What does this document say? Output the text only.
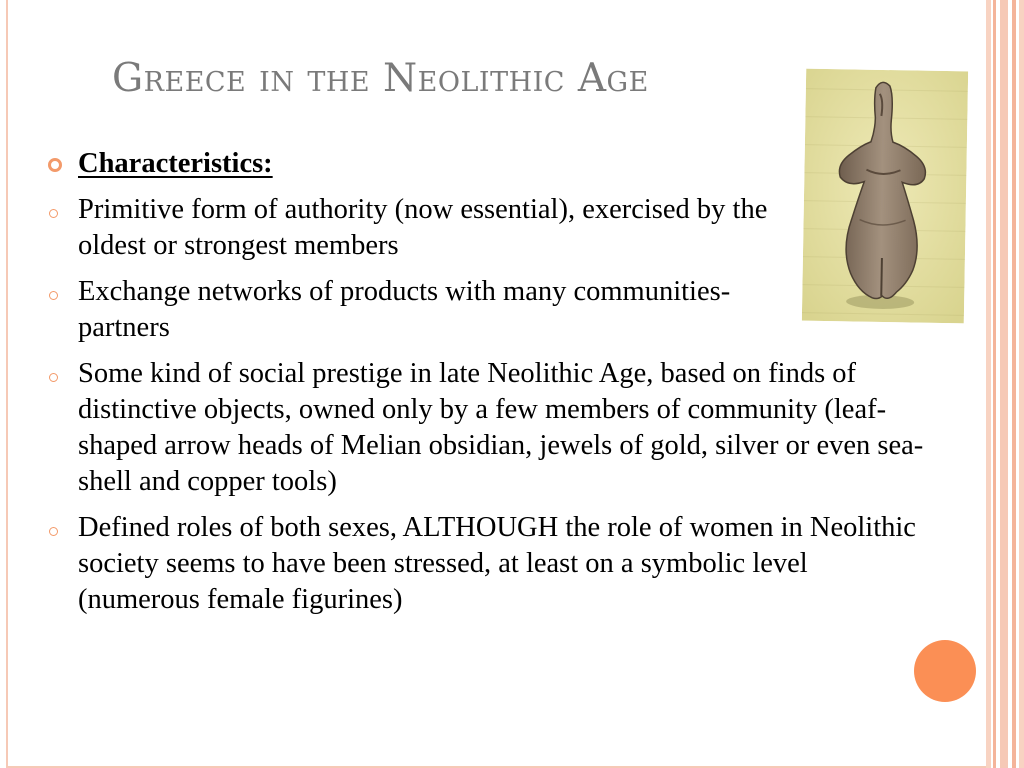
Greece in the Neolithic Age
Characteristics:
Primitive form of authority (now essential), exercised by the oldest or strongest members
Exchange networks of products with many communities-partners
Some kind of social prestige in late Neolithic Age, based on finds of distinctive objects, owned only by a few members of community (leaf-shaped arrow heads of Melian obsidian, jewels of gold, silver or even sea-shell and copper tools)
Defined roles of both sexes, ALTHOUGH the role of women in Neolithic society seems to have been stressed, at least on a symbolic level (numerous female figurines)
